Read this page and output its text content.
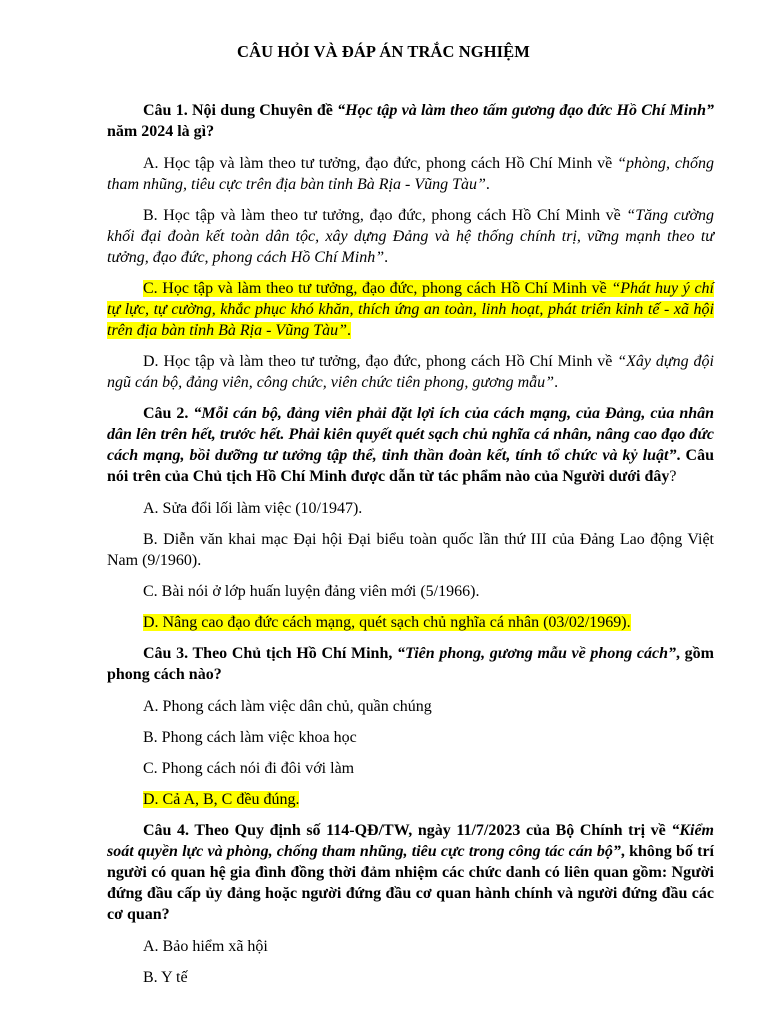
CÂU HỎI VÀ ĐÁP ÁN TRẮC NGHIỆM

Câu 1. Nội dung Chuyên đề “Học tập và làm theo tấm gương đạo đức Hồ Chí Minh” năm 2024 là gì?

A. Học tập và làm theo tư tưởng, đạo đức, phong cách Hồ Chí Minh về “phòng, chống tham nhũng, tiêu cực trên địa bàn tỉnh Bà Rịa - Vũng Tàu”.

B. Học tập và làm theo tư tưởng, đạo đức, phong cách Hồ Chí Minh về “Tăng cường khối đại đoàn kết toàn dân tộc, xây dựng Đảng và hệ thống chính trị, vững mạnh theo tư tưởng, đạo đức, phong cách Hồ Chí Minh”.

C. Học tập và làm theo tư tưởng, đạo đức, phong cách Hồ Chí Minh về “Phát huy ý chí tự lực, tự cường, khắc phục khó khăn, thích ứng an toàn, linh hoạt, phát triển kinh tế - xã hội trên địa bàn tỉnh Bà Rịa - Vũng Tàu”.

D. Học tập và làm theo tư tưởng, đạo đức, phong cách Hồ Chí Minh về “Xây dựng đội ngũ cán bộ, đảng viên, công chức, viên chức tiên phong, gương mẫu”.

Câu 2. “Mỗi cán bộ, đảng viên phải đặt lợi ích của cách mạng, của Đảng, của nhân dân lên trên hết, trước hết. Phải kiên quyết quét sạch chủ nghĩa cá nhân, nâng cao đạo đức cách mạng, bồi dưỡng tư tưởng tập thể, tinh thần đoàn kết, tính tổ chức và kỷ luật”. Câu nói trên của Chủ tịch Hồ Chí Minh được dẫn từ tác phẩm nào của Người dưới đây?

A. Sửa đổi lối làm việc (10/1947).

B. Diễn văn khai mạc Đại hội Đại biểu toàn quốc lần thứ III của Đảng Lao động Việt Nam (9/1960).

C. Bài nói ở lớp huấn luyện đảng viên mới (5/1966).

D. Nâng cao đạo đức cách mạng, quét sạch chủ nghĩa cá nhân (03/02/1969).

Câu 3. Theo Chủ tịch Hồ Chí Minh, “Tiên phong, gương mẫu về phong cách”, gồm phong cách nào?

A. Phong cách làm việc dân chủ, quần chúng

B. Phong cách làm việc khoa học

C. Phong cách nói đi đôi với làm

D. Cả A, B, C đều đúng.

Câu 4. Theo Quy định số 114-QĐ/TW, ngày 11/7/2023 của Bộ Chính trị về “Kiểm soát quyền lực và phòng, chống tham nhũng, tiêu cực trong công tác cán bộ”, không bố trí người có quan hệ gia đình đồng thời đảm nhiệm các chức danh có liên quan gồm: Người đứng đầu cấp ủy đảng hoặc người đứng đầu cơ quan hành chính và người đứng đầu các cơ quan?

A. Bảo hiểm xã hội

B. Y tế
